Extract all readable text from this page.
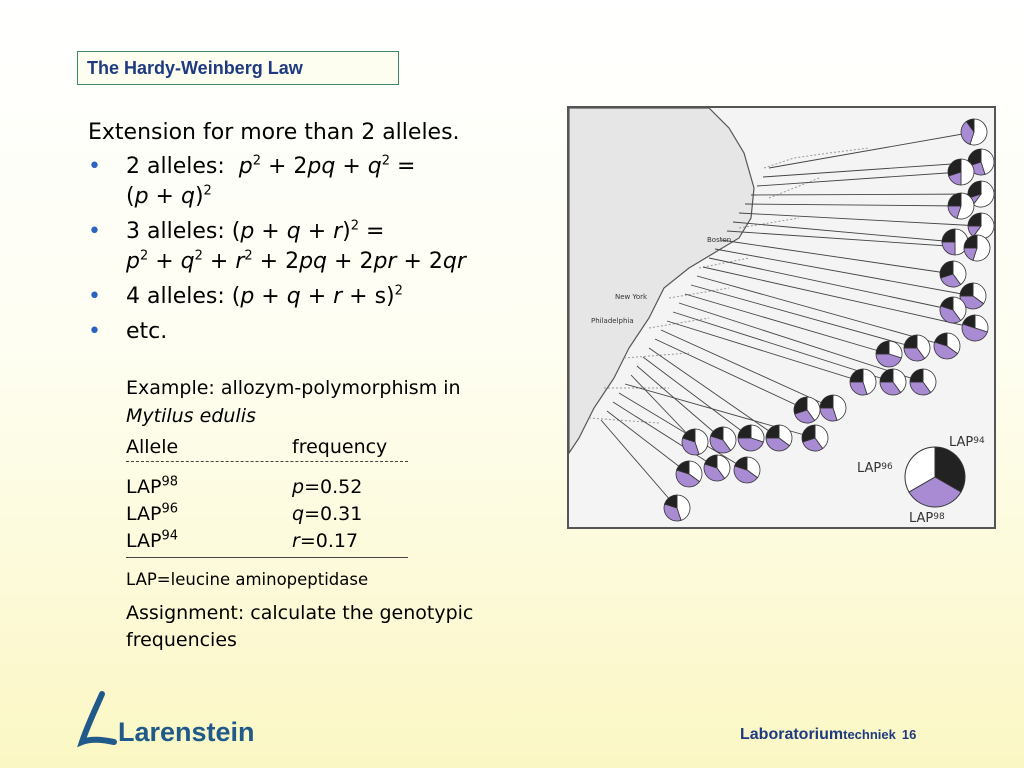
The Hardy-Weinberg Law
Extension for more than 2 alleles.
• 2 alleles:  $p^2 + 2pq + q^2$ =
$(p + q)^2$
• 3 alleles: $(p + q + r)^2$ =
$p^2 + q^2 + r^2 + 2pq + 2pr + 2qr$
• 4 alleles: $(p + q + r + s)^2$
• etc.
Example: allozym-polymorphism in
Mytilus edulis
Allele	frequency
LAP$^{98}$	p=0.52
LAP$^{96}$	q=0.31
LAP$^{94}$	r=0.17
LAP=leucine aminopeptidase
Assignment: calculate the genotypic frequencies
Boston
New York
Philadelphia
LAP$^{94}$
LAP$^{96}$
LAP$^{98}$
Larenstein	Laboratoriumtechniek 16
